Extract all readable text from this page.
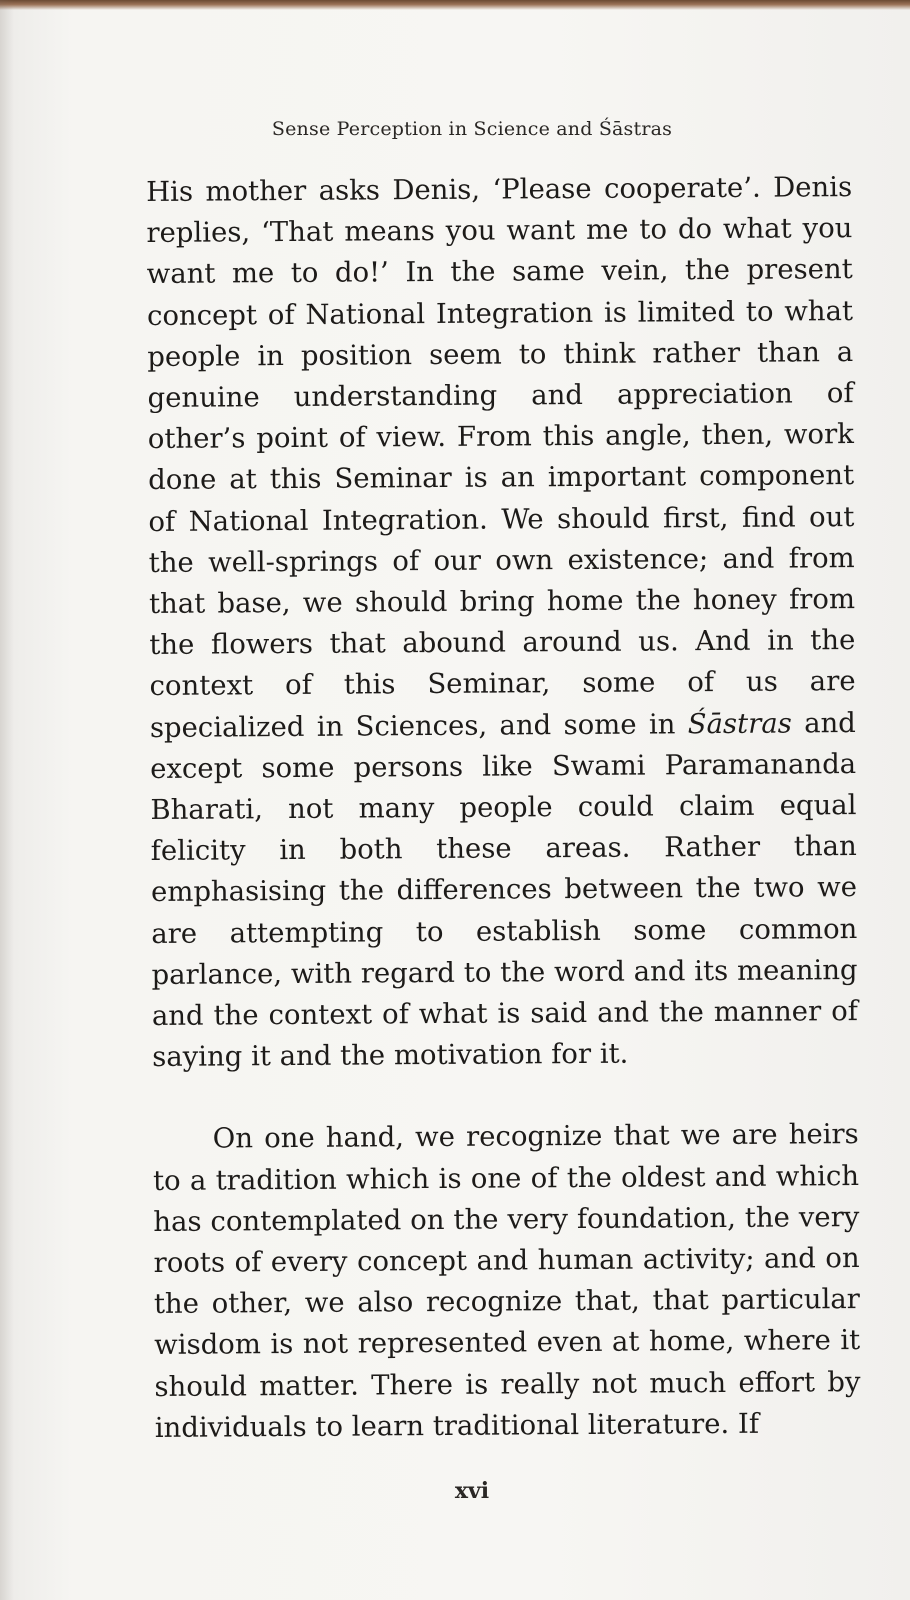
Sense Perception in Science and Śāstras

His mother asks Denis, ‘Please cooperate’. Denis replies, ‘That means you want me to do what you want me to do!’ In the same vein, the present concept of National Integration is limited to what people in position seem to think rather than a genuine understanding and appreciation of other’s point of view. From this angle, then, work done at this Seminar is an important component of National Integration. We should first, find out the well-springs of our own existence; and from that base, we should bring home the honey from the flowers that abound around us. And in the context of this Seminar, some of us are specialized in Sciences, and some in Śāstras and except some persons like Swami Paramananda Bharati, not many people could claim equal felicity in both these areas. Rather than emphasising the differences between the two we are attempting to establish some common parlance, with regard to the word and its meaning and the context of what is said and the manner of saying it and the motivation for it.

On one hand, we recognize that we are heirs to a tradition which is one of the oldest and which has contemplated on the very foundation, the very roots of every concept and human activity; and on the other, we also recognize that, that particular wisdom is not represented even at home, where it should matter. There is really not much effort by individuals to learn traditional literature. If

xvi
